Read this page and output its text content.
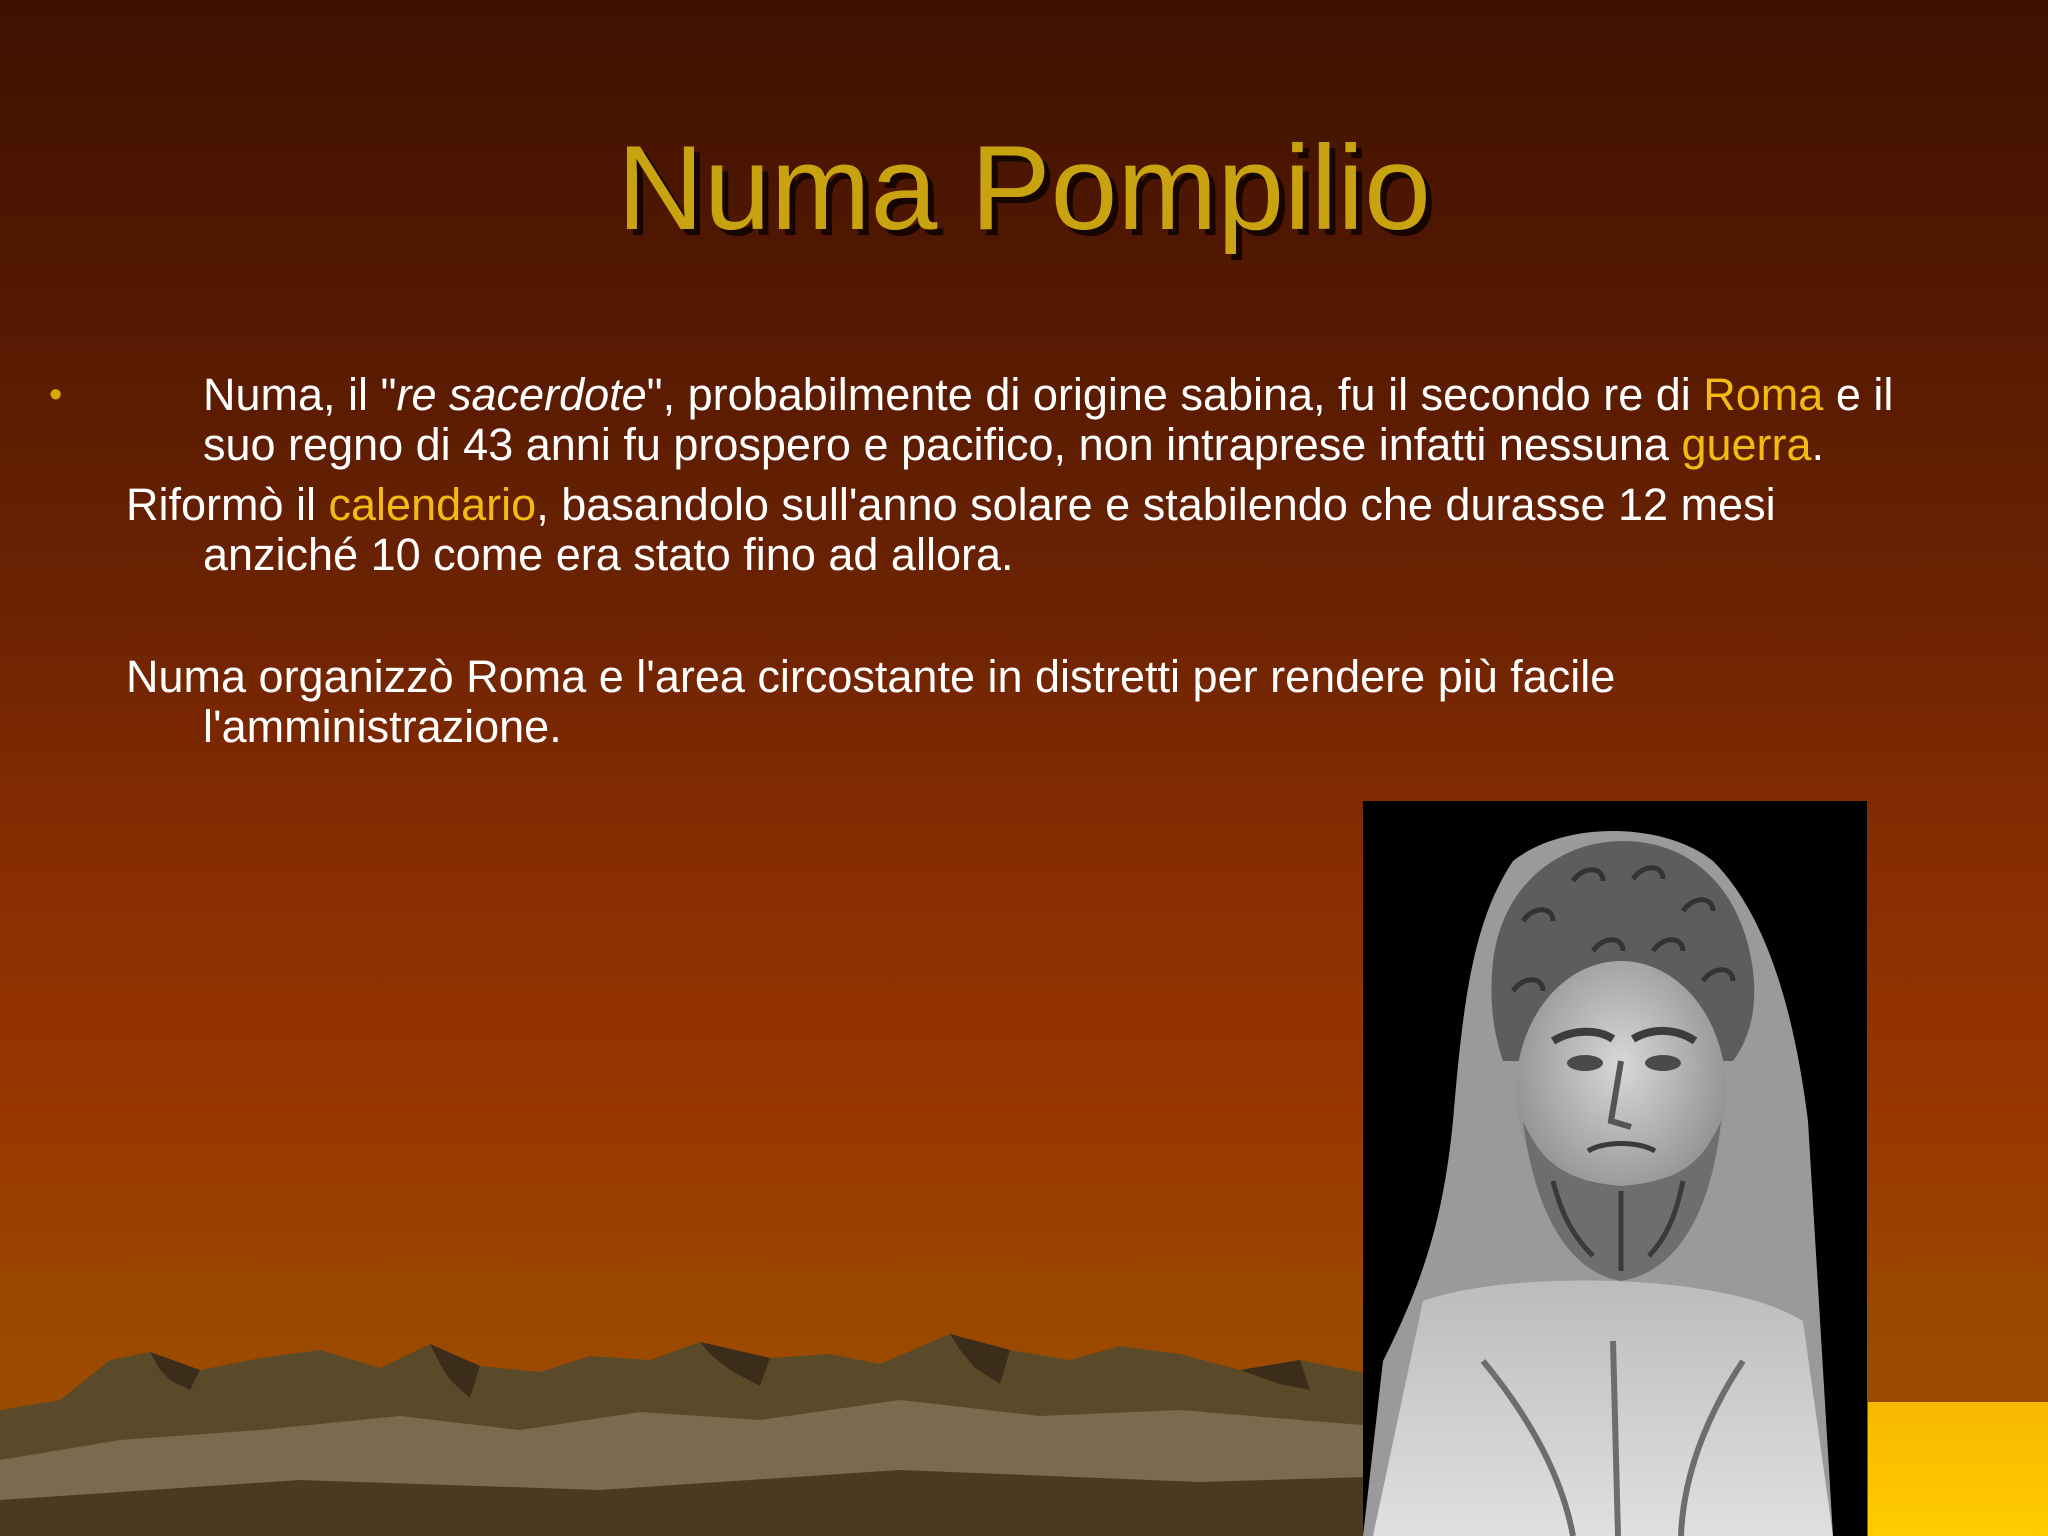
Numa Pompilio

•	Numa, il "re sacerdote", probabilmente di origine sabina, fu il secondo re di Roma e il suo regno di 43 anni fu prospero e pacifico, non intraprese infatti nessuna guerra.

Riformò il calendario, basandolo sull'anno solare e stabilendo che durasse 12 mesi anziché 10 come era stato fino ad allora.

Numa organizzò Roma e l'area circostante in distretti per rendere più facile l'amministrazione.
